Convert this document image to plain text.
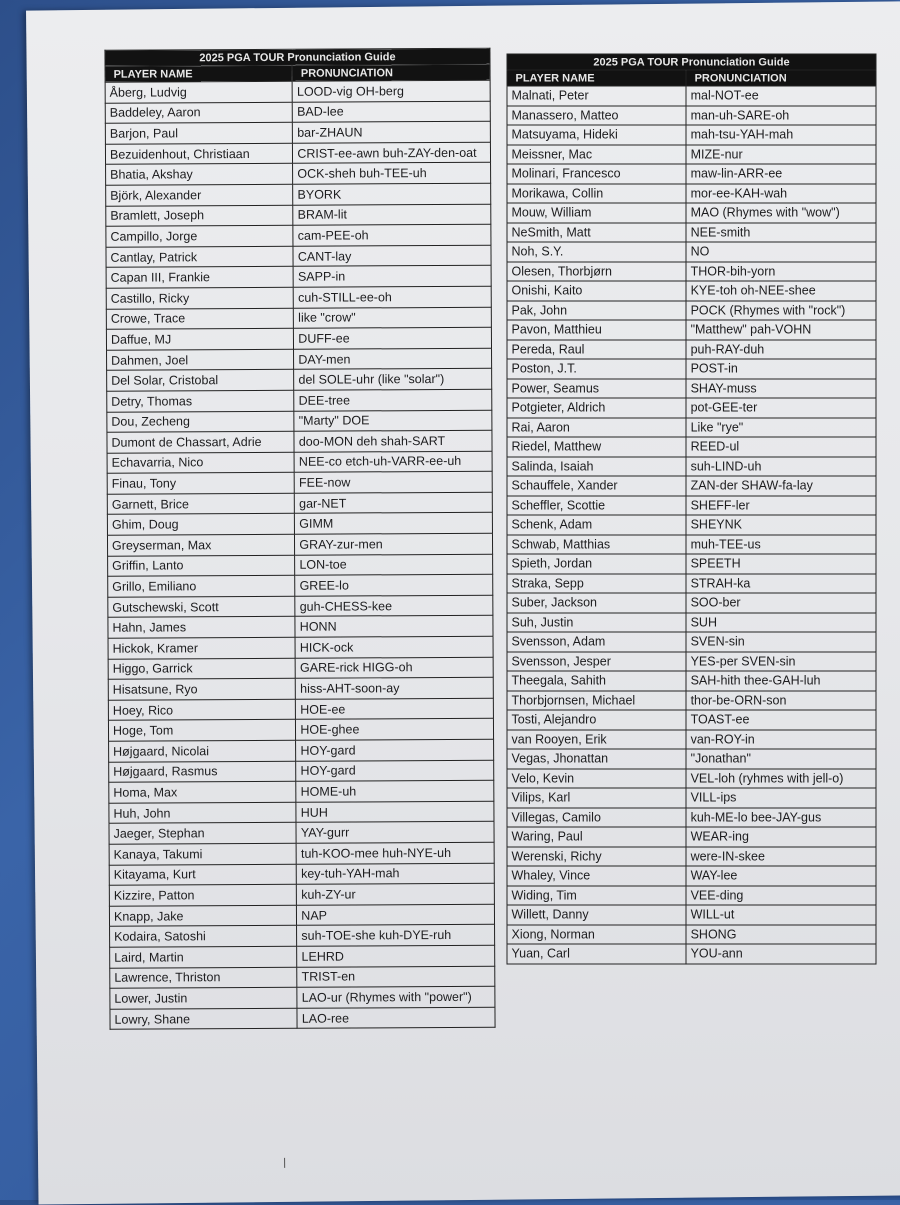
2025 PGA TOUR Pronunciation Guide	
PLAYER NAME	PRONUNCIATION
Åberg, Ludvig	LOOD-vig OH-berg
Baddeley, Aaron	BAD-lee
Barjon, Paul	bar-ZHAUN
Bezuidenhout, Christiaan	CRIST-ee-awn buh-ZAY-den-oat
Bhatia, Akshay	OCK-sheh buh-TEE-uh
Björk, Alexander	BYORK
Bramlett, Joseph	BRAM-lit
Campillo, Jorge	cam-PEE-oh
Cantlay, Patrick	CANT-lay
Capan III, Frankie	SAPP-in
Castillo, Ricky	cuh-STILL-ee-oh
Crowe, Trace	like "crow"
Daffue, MJ	DUFF-ee
Dahmen, Joel	DAY-men
Del Solar, Cristobal	del SOLE-uhr (like "solar")
Detry, Thomas	DEE-tree
Dou, Zecheng	"Marty" DOE
Dumont de Chassart, Adrie	doo-MON deh shah-SART
Echavarria, Nico	NEE-co etch-uh-VARR-ee-uh
Finau, Tony	FEE-now
Garnett, Brice	gar-NET
Ghim, Doug	GIMM
Greyserman, Max	GRAY-zur-men
Griffin, Lanto	LON-toe
Grillo, Emiliano	GREE-lo
Gutschewski, Scott	guh-CHESS-kee
Hahn, James	HONN
Hickok, Kramer	HICK-ock
Higgo, Garrick	GARE-rick HIGG-oh
Hisatsune, Ryo	hiss-AHT-soon-ay
Hoey, Rico	HOE-ee
Hoge, Tom	HOE-ghee
Højgaard, Nicolai	HOY-gard
Højgaard, Rasmus	HOY-gard
Homa, Max	HOME-uh
Huh, John	HUH
Jaeger, Stephan	YAY-gurr
Kanaya, Takumi	tuh-KOO-mee huh-NYE-uh
Kitayama, Kurt	key-tuh-YAH-mah
Kizzire, Patton	kuh-ZY-ur
Knapp, Jake	NAP
Kodaira, Satoshi	suh-TOE-she kuh-DYE-ruh
Laird, Martin	LEHRD
Lawrence, Thriston	TRIST-en
Lower, Justin	LAO-ur (Rhymes with "power")
Lowry, Shane	LAO-ree
2025 PGA TOUR Pronunciation Guide	
PLAYER NAME	PRONUNCIATION
Malnati, Peter	mal-NOT-ee
Manassero, Matteo	man-uh-SARE-oh
Matsuyama, Hideki	mah-tsu-YAH-mah
Meissner, Mac	MIZE-nur
Molinari, Francesco	maw-lin-ARR-ee
Morikawa, Collin	mor-ee-KAH-wah
Mouw, William	MAO (Rhymes with "wow")
NeSmith, Matt	NEE-smith
Noh, S.Y.	NO
Olesen, Thorbjørn	THOR-bih-yorn
Onishi, Kaito	KYE-toh oh-NEE-shee
Pak, John	POCK (Rhymes with "rock")
Pavon, Matthieu	"Matthew" pah-VOHN
Pereda, Raul	puh-RAY-duh
Poston, J.T.	POST-in
Power, Seamus	SHAY-muss
Potgieter, Aldrich	pot-GEE-ter
Rai, Aaron	Like "rye"
Riedel, Matthew	REED-ul
Salinda, Isaiah	suh-LIND-uh
Schauffele, Xander	ZAN-der SHAW-fa-lay
Scheffler, Scottie	SHEFF-ler
Schenk, Adam	SHEYNK
Schwab, Matthias	muh-TEE-us
Spieth, Jordan	SPEETH
Straka, Sepp	STRAH-ka
Suber, Jackson	SOO-ber
Suh, Justin	SUH
Svensson, Adam	SVEN-sin
Svensson, Jesper	YES-per SVEN-sin
Theegala, Sahith	SAH-hith thee-GAH-luh
Thorbjornsen, Michael	thor-be-ORN-son
Tosti, Alejandro	TOAST-ee
van Rooyen, Erik	van-ROY-in
Vegas, Jhonattan	"Jonathan"
Velo, Kevin	VEL-loh (ryhmes with jell-o)
Vilips, Karl	VILL-ips
Villegas, Camilo	kuh-ME-lo bee-JAY-gus
Waring, Paul	WEAR-ing
Werenski, Richy	were-IN-skee
Whaley, Vince	WAY-lee
Widing, Tim	VEE-ding
Willett, Danny	WILL-ut
Xiong, Norman	SHONG
Yuan, Carl	YOU-ann
